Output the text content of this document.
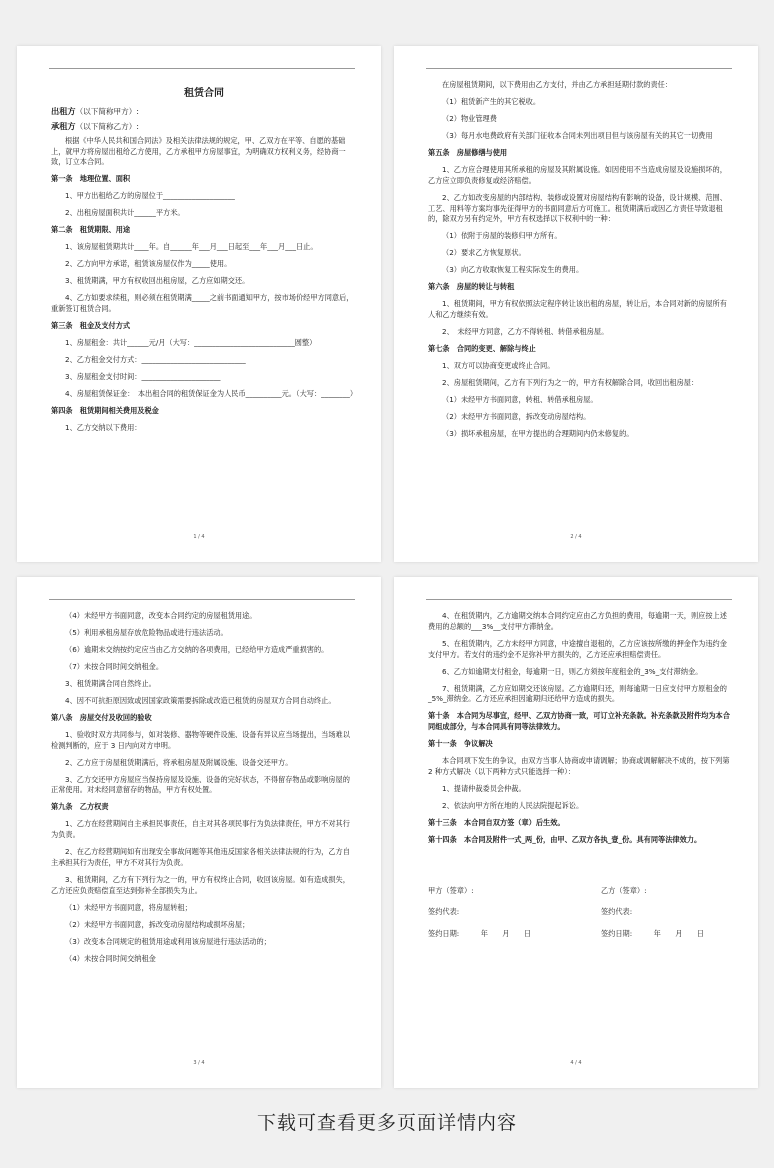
租赁合同
出租方（以下简称甲方）:
承租方（以下简称乙方）:

根据《中华人民共和国合同法》及相关法律法规的规定，甲、乙双方在平等、自愿的基础上，就甲方将房屋出租给乙方使用，乙方承租甲方房屋事宜，为明确双方权利义务，经协商一致，订立本合同。

第一条　地理位置、面积

1、甲方出租给乙方的房屋位于____________________

2、出租房屋面积共计______平方米。

第二条　租赁期限、用途

1、该房屋租赁期共计____年。自______年___月___日起至___年___月___日止。

2、乙方向甲方承诺，租赁该房屋仅作为_____使用。

3、租赁期满，甲方有权收回出租房屋，乙方应如期交还。

4、乙方如要求续租，则必须在租赁期满_____之前书面通知甲方，按市场价经甲方同意后，重新签订租赁合同。

第三条　租金及支付方式

1、房屋租金：共计______元/月（大写：____________________________圆整）

2、乙方租金交付方式：_____________________________

3、房屋租金支付时间：______________________

4、房屋租赁保证金：　本出租合同的租赁保证金为人民币__________元。（大写：________）

第四条　租赁期间相关费用及税金

1、乙方交纳以下费用：

1 / 4

在房屋租赁期间，以下费用由乙方支付，并由乙方承担延期付款的责任：

（1）租赁新产生的其它税收。

（2）物业管理费

（3）每月水电费政府有关部门征收本合同未列出项目但与该房屋有关的其它一切费用

第五条　房屋修缮与使用

1、乙方应合理使用其所承租的房屋及其附属设施。如因使用不当造成房屋及设施损坏的，乙方应立即负责修复或经济赔偿。

2、乙方如改变房屋的内部结构、装修或设置对房屋结构有影响的设备，设计规模、范围、工艺、用料等方案均事先征得甲方的书面同意后方可施工。租赁期满后或因乙方责任导致退租的，除双方另有约定外，甲方有权选择以下权利中的一种：

（1）依附于房屋的装修归甲方所有。

（2）要求乙方恢复原状。

（3）向乙方收取恢复工程实际发生的费用。

第六条　房屋的转让与转租

1、租赁期间，甲方有权依照法定程序转让该出租的房屋，转让后，本合同对新的房屋所有人和乙方继续有效。

2、　未经甲方同意，乙方不得转租、转借承租房屋。

第七条　合同的变更、解除与终止

1、双方可以协商变更或终止合同。

2、房屋租赁期间，乙方有下列行为之一的，甲方有权解除合同，收回出租房屋：

（1）未经甲方书面同意，转租、转借承租房屋。

（2）未经甲方书面同意，拆改变动房屋结构。

（3）损坏承租房屋，在甲方提出的合理期间内仍未修复的。

2 / 4

（4）未经甲方书面同意，改变本合同约定的房屋租赁用途。

（5）利用承租房屋存放危险物品或进行违法活动。

（6）逾期未交纳按约定应当由乙方交纳的各项费用，已经给甲方造成严重损害的。

（7）未按合同时间交纳租金。

3、租赁期满合同自然终止。

4、因不可抗拒原因致或因国家政策需要拆除或改造已租赁的房屋双方合同自动终止。

第八条　房屋交付及收回的验收

1、验收时双方共同参与，如对装修、器物等硬件设施、设备有异议应当场提出，当场难以检测判断的，应于 3 日内向对方申明。

2、乙方应于房屋租赁期满后，将承租房屋及附属设施、设备交还甲方。

3、乙方交还甲方房屋应当保持房屋及设施、设备的完好状态，不得留存物品或影响房屋的正常使用。对未经同意留存的物品，甲方有权处置。

第九条　乙方权责

1、乙方在经营期间自主承担民事责任，自主对其各项民事行为负法律责任，甲方不对其行为负责。

2、在乙方经营期间如有出现安全事故问题等其他违反国家各相关法律法规的行为，乙方自主承担其行为责任，甲方不对其行为负责。

3、租赁期间，乙方有下列行为之一的，甲方有权终止合同，收回该房屋。如有造成损失，乙方还应负责赔偿直至达到弥补全部损失为止。

（1）未经甲方书面同意，将房屋转租；

（2）未经甲方书面同意，拆改变动房屋结构或损坏房屋；

（3）改变本合同规定的租赁用途或利用该房屋进行违法活动的；

（4）未按合同时间交纳租金

3 / 4

4、在租赁期内，乙方逾期交纳本合同约定应由乙方负担的费用，每逾期一天，则应按上述费用的总额的___3%__支付甲方滞纳金。

5、在租赁期内，乙方未经甲方同意，中途擅自退租的，乙方应该按所缴的押金作为违约金支付甲方。若支付的违约金不足弥补甲方损失的，乙方还应承担赔偿责任。

6、乙方如逾期支付租金，每逾期一日，则乙方须按年度租金的_3%_支付滞纳金。

7、租赁期满，乙方应如期交还该房屋。乙方逾期归还，则每逾期一日应支付甲方原租金的_5%_滞纳金。乙方还应承担因逾期归还给甲方造成的损失。

第十条　本合同为尽事宜，经甲、乙双方协商一致，可订立补充条款。补充条款及附件均为本合同组成部分，与本合同具有同等法律效力。

第十一条　争议解决

本合同项下发生的争议，由双方当事人协商或申请调解；协商或调解解决不成的，按下列第 2 种方式解决（以下两种方式只能选择一种）：

1、提请仲裁委员会仲裁。

2、依法向甲方所在地的人民法院提起诉讼。

第十三条　本合同自双方签（章）后生效。

第十四条　本合同及附件一式_两_份，由甲、乙双方各执_壹_份。具有同等法律效力。

甲方（签章）:

签约代表:

签约日期:　　　年　　月　　日

乙方（签章）:

签约代表:

签约日期:　　　年　　月　　日

4 / 4
下载可查看更多页面详情内容
